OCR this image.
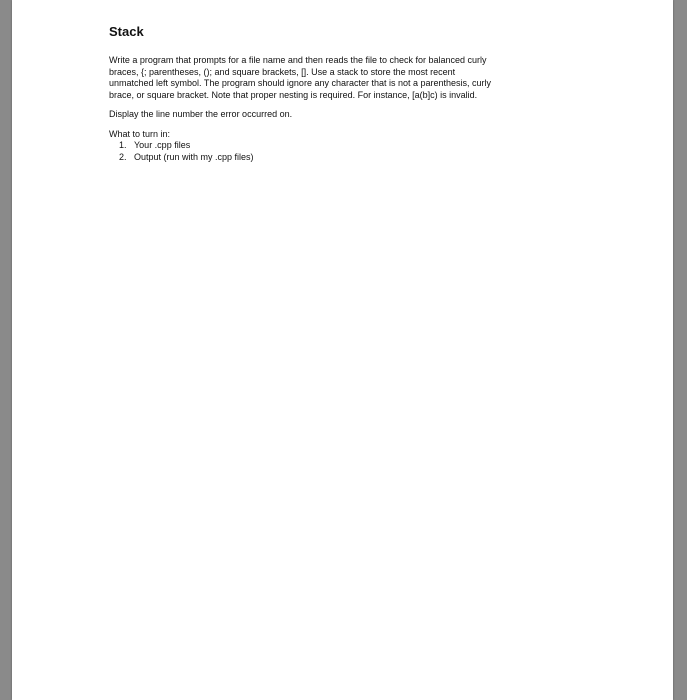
Stack
Write a program that prompts for a file name and then reads the file to check for balanced curly
braces, {; parentheses, (); and square brackets, []. Use a stack to store the most recent
unmatched left symbol. The program should ignore any character that is not a parenthesis, curly
brace, or square bracket. Note that proper nesting is required. For instance, [a(b]c) is invalid.
Display the line number the error occurred on.
What to turn in:
1. Your .cpp files
2. Output (run with my .cpp files)
